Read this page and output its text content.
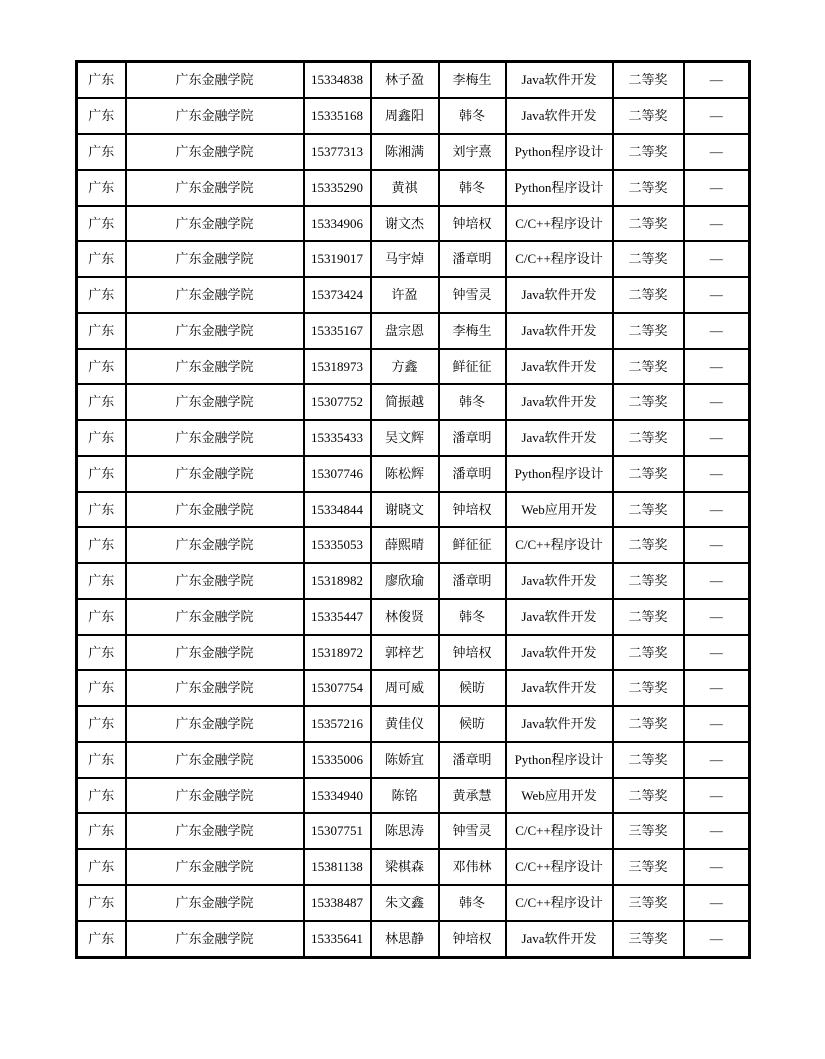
广东	广东金融学院	15334838	林子盈	李梅生	Java软件开发	二等奖	—
广东	广东金融学院	15335168	周鑫阳	韩冬	Java软件开发	二等奖	—
广东	广东金融学院	15377313	陈湘满	刘宇熹	Python程序设计	二等奖	—
广东	广东金融学院	15335290	黄祺	韩冬	Python程序设计	二等奖	—
广东	广东金融学院	15334906	谢文杰	钟培权	C/C++程序设计	二等奖	—
广东	广东金融学院	15319017	马宇焯	潘章明	C/C++程序设计	二等奖	—
广东	广东金融学院	15373424	许盈	钟雪灵	Java软件开发	二等奖	—
广东	广东金融学院	15335167	盘宗恩	李梅生	Java软件开发	二等奖	—
广东	广东金融学院	15318973	方鑫	鲜征征	Java软件开发	二等奖	—
广东	广东金融学院	15307752	简振越	韩冬	Java软件开发	二等奖	—
广东	广东金融学院	15335433	吴文辉	潘章明	Java软件开发	二等奖	—
广东	广东金融学院	15307746	陈松辉	潘章明	Python程序设计	二等奖	—
广东	广东金融学院	15334844	谢晓文	钟培权	Web应用开发	二等奖	—
广东	广东金融学院	15335053	薛熙晴	鲜征征	C/C++程序设计	二等奖	—
广东	广东金融学院	15318982	廖欣瑜	潘章明	Java软件开发	二等奖	—
广东	广东金融学院	15335447	林俊贤	韩冬	Java软件开发	二等奖	—
广东	广东金融学院	15318972	郭梓艺	钟培权	Java软件开发	二等奖	—
广东	广东金融学院	15307754	周可威	候昉	Java软件开发	二等奖	—
广东	广东金融学院	15357216	黄佳仪	候昉	Java软件开发	二等奖	—
广东	广东金融学院	15335006	陈娇宜	潘章明	Python程序设计	二等奖	—
广东	广东金融学院	15334940	陈铭	黄承慧	Web应用开发	二等奖	—
广东	广东金融学院	15307751	陈思涛	钟雪灵	C/C++程序设计	三等奖	—
广东	广东金融学院	15381138	梁棋森	邓伟林	C/C++程序设计	三等奖	—
广东	广东金融学院	15338487	朱文鑫	韩冬	C/C++程序设计	三等奖	—
广东	广东金融学院	15335641	林思静	钟培权	Java软件开发	三等奖	—
